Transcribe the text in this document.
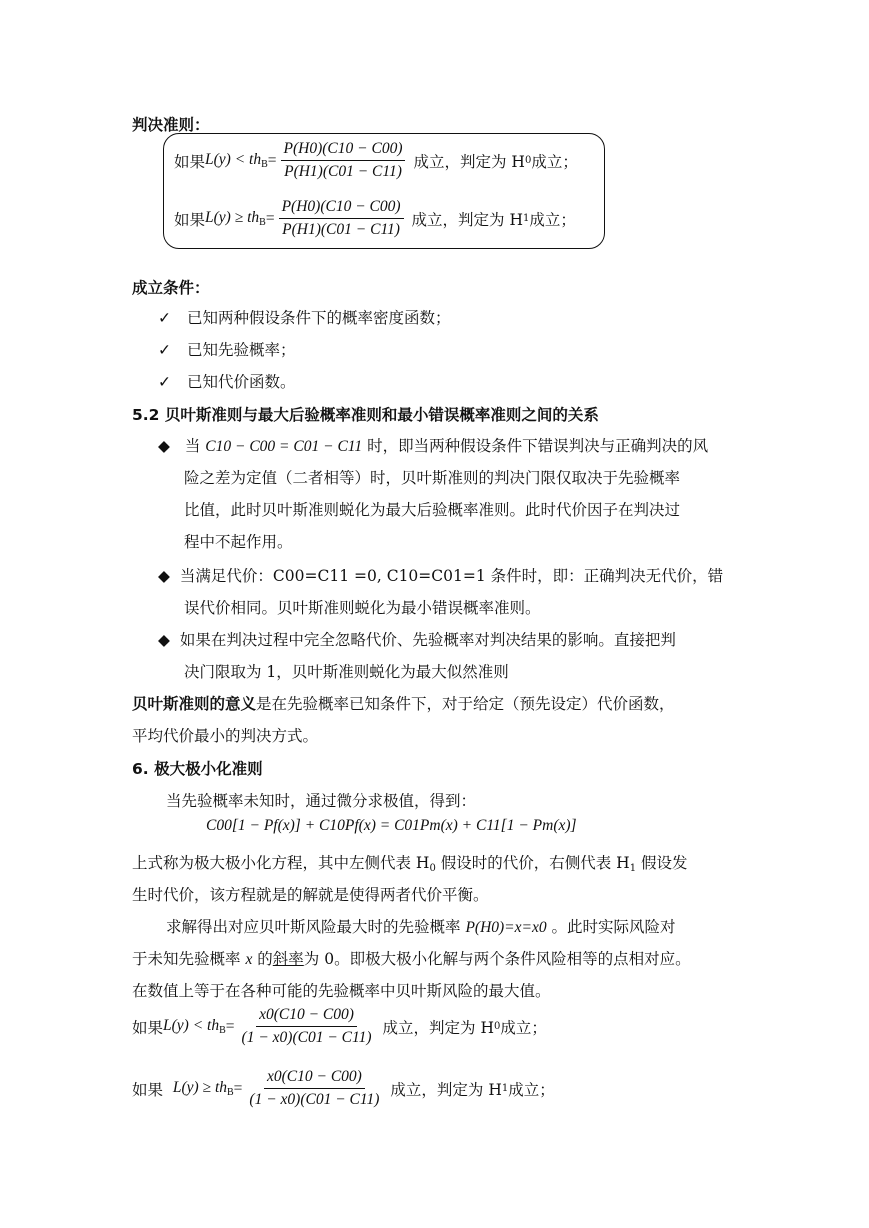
判决准则：
如果 $L(y) < th_B = \frac{P(H0)(C10 - C00)}{P(H1)(C01 - C11)}$ 成立，判定为 H 0 成立；
如果 $L(y) \ge th_B = \frac{P(H0)(C10 - C00)}{P(H1)(C01 - C11)}$ 成立，判定为 H 1 成立；
成立条件：
✓ 已知两种假设条件下的概率密度函数；
✓ 已知先验概率；
✓ 已知代价函数。
5.2 贝叶斯准则与最大后验概率准则和最小错误概率准则之间的关系
◆ 当 C10 − C00 = C01 − C11 时，即当两种假设条件下错误判决与正确判决的风
险之差为定值（二者相等）时，贝叶斯准则的判决门限仅取决于先验概率
比值，此时贝叶斯准则蜕化为最大后验概率准则。此时代价因子在判决过
程中不起作用。
◆ 当满足代价：C00=C11 =0, C10=C01=1 条件时，即：正确判决无代价，错
误代价相同。贝叶斯准则蜕化为最小错误概率准则。
◆ 如果在判决过程中完全忽略代价、先验概率对判决结果的影响。直接把判
决门限取为 1，贝叶斯准则蜕化为最大似然准则
贝叶斯准则的意义是在先验概率已知条件下，对于给定（预先设定）代价函数，
平均代价最小的判决方式。
6. 极大极小化准则
当先验概率未知时，通过微分求极值，得到：
C00[1 − Pf(x)] + C10Pf(x) = C01Pm(x) + C11[1 − Pm(x)]
上式称为极大极小化方程，其中左侧代表 $H_0$ 假设时的代价，右侧代表 $H_1$ 假设发
生时代价，该方程就是的解就是使得两者代价平衡。
求解得出对应贝叶斯风险最大时的先验概率 P(H0)=x=x0 。此时实际风险对
于未知先验概率 x 的斜率为 0。即极大极小化解与两个条件风险相等的点相对应。
在数值上等于在各种可能的先验概率中贝叶斯风险的最大值。
如果 $L(y) < th_B = \frac{x0(C10 - C00)}{(1 - x0)(C01 - C11)}$ 成立，判定为 H 0 成立；
如果 $L(y) \ge th_B = \frac{x0(C10 - C00)}{(1 - x0)(C01 - C11)}$ 成立，判定为 H 1 成立；
